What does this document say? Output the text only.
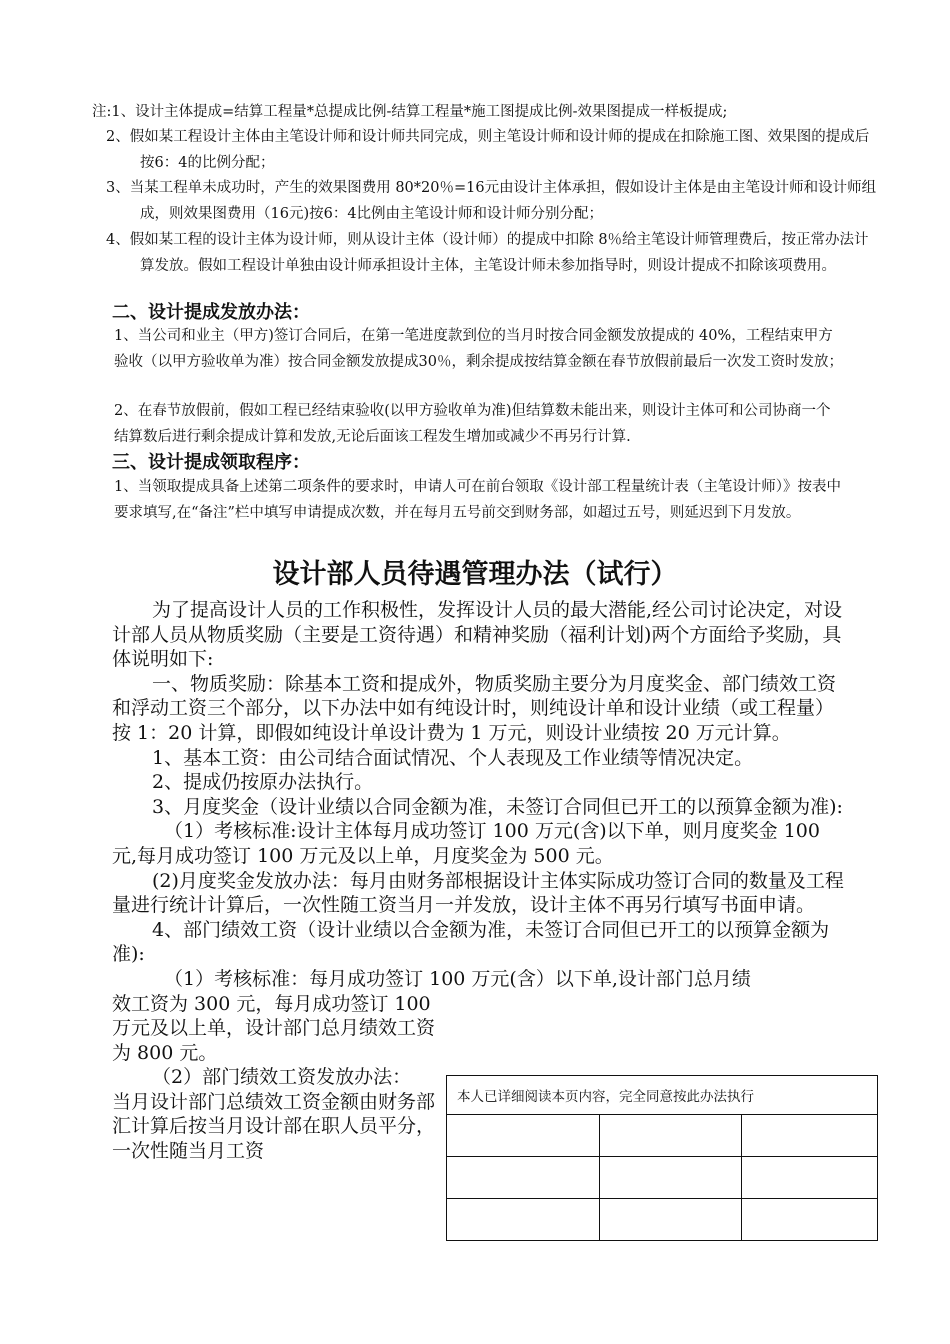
注:1、设计主体提成=结算工程量*总提成比例-结算工程量*施工图提成比例-效果图提成一样板提成;
2、假如某工程设计主体由主笔设计师和设计师共同完成，则主笔设计师和设计师的提成在扣除施工图、效果图的提成后按6：4的比例分配；
3、当某工程单未成功时，产生的效果图费用 80*20％=16元由设计主体承担，假如设计主体是由主笔设计师和设计师组成，则效果图费用（16元)按6：4比例由主笔设计师和设计师分别分配；
4、假如某工程的设计主体为设计师，则从设计主体（设计师）的提成中扣除 8％给主笔设计师管理费后，按正常办法计算发放。假如工程设计单独由设计师承担设计主体，主笔设计师未参加指导时，则设计提成不扣除该项费用。
二、设计提成发放办法：
1、当公司和业主（甲方)签订合同后，在第一笔进度款到位的当月时按合同金额发放提成的 40%，工程结束甲方验收（以甲方验收单为准）按合同金额发放提成30％，剩余提成按结算金额在春节放假前最后一次发工资时发放；
2、在春节放假前，假如工程已经结束验收(以甲方验收单为准)但结算数未能出来，则设计主体可和公司协商一个结算数后进行剩余提成计算和发放,无论后面该工程发生增加或减少不再另行计算.
三、设计提成领取程序：
1、当领取提成具备上述第二项条件的要求时，申请人可在前台领取《设计部工程量统计表（主笔设计师）》按表中要求填写,在“备注”栏中填写申请提成次数，并在每月五号前交到财务部，如超过五号，则延迟到下月发放。
设计部人员待遇管理办法（试行）

为了提高设计人员的工作积极性，发挥设计人员的最大潜能,经公司讨论决定，对设计部人员从物质奖励（主要是工资待遇）和精神奖励（福利计划)两个方面给予奖励，具体说明如下:

一、物质奖励：除基本工资和提成外，物质奖励主要分为月度奖金、部门绩效工资和浮动工资三个部分，以下办法中如有纯设计时，则纯设计单和设计业绩（或工程量）按 1：20 计算，即假如纯设计单设计费为 1 万元，则设计业绩按 20 万元计算。

1、基本工资：由公司结合面试情况、个人表现及工作业绩等情况决定。

2、提成仍按原办法执行。

3、月度奖金（设计业绩以合同金额为准，未签订合同但已开工的以预算金额为准):

（1）考核标准:设计主体每月成功签订 100 万元(含)以下单，则月度奖金 100 元,每月成功签订 100 万元及以上单，月度奖金为 500 元。

(2)月度奖金发放办法：每月由财务部根据设计主体实际成功签订合同的数量及工程量进行统计计算后，一次性随工资当月一并发放，设计主体不再另行填写书面申请。

4、部门绩效工资（设计业绩以合金额为准，未签订合同但已开工的以预算金额为准):

（1）考核标准：每月成功签订 100 万元(含）以下单,设计部门总月绩

效工资为 300 元，每月成功签订 100 万元及以上单，设计部门总月绩效工资为 800 元。

（2）部门绩效工资发放办法：

当月设计部门总绩效工资金额由财务部汇计算后按当月设计部在职人员平分，一次性随当月工资

本人已详细阅读本页内容，完全同意按此办法执行		
